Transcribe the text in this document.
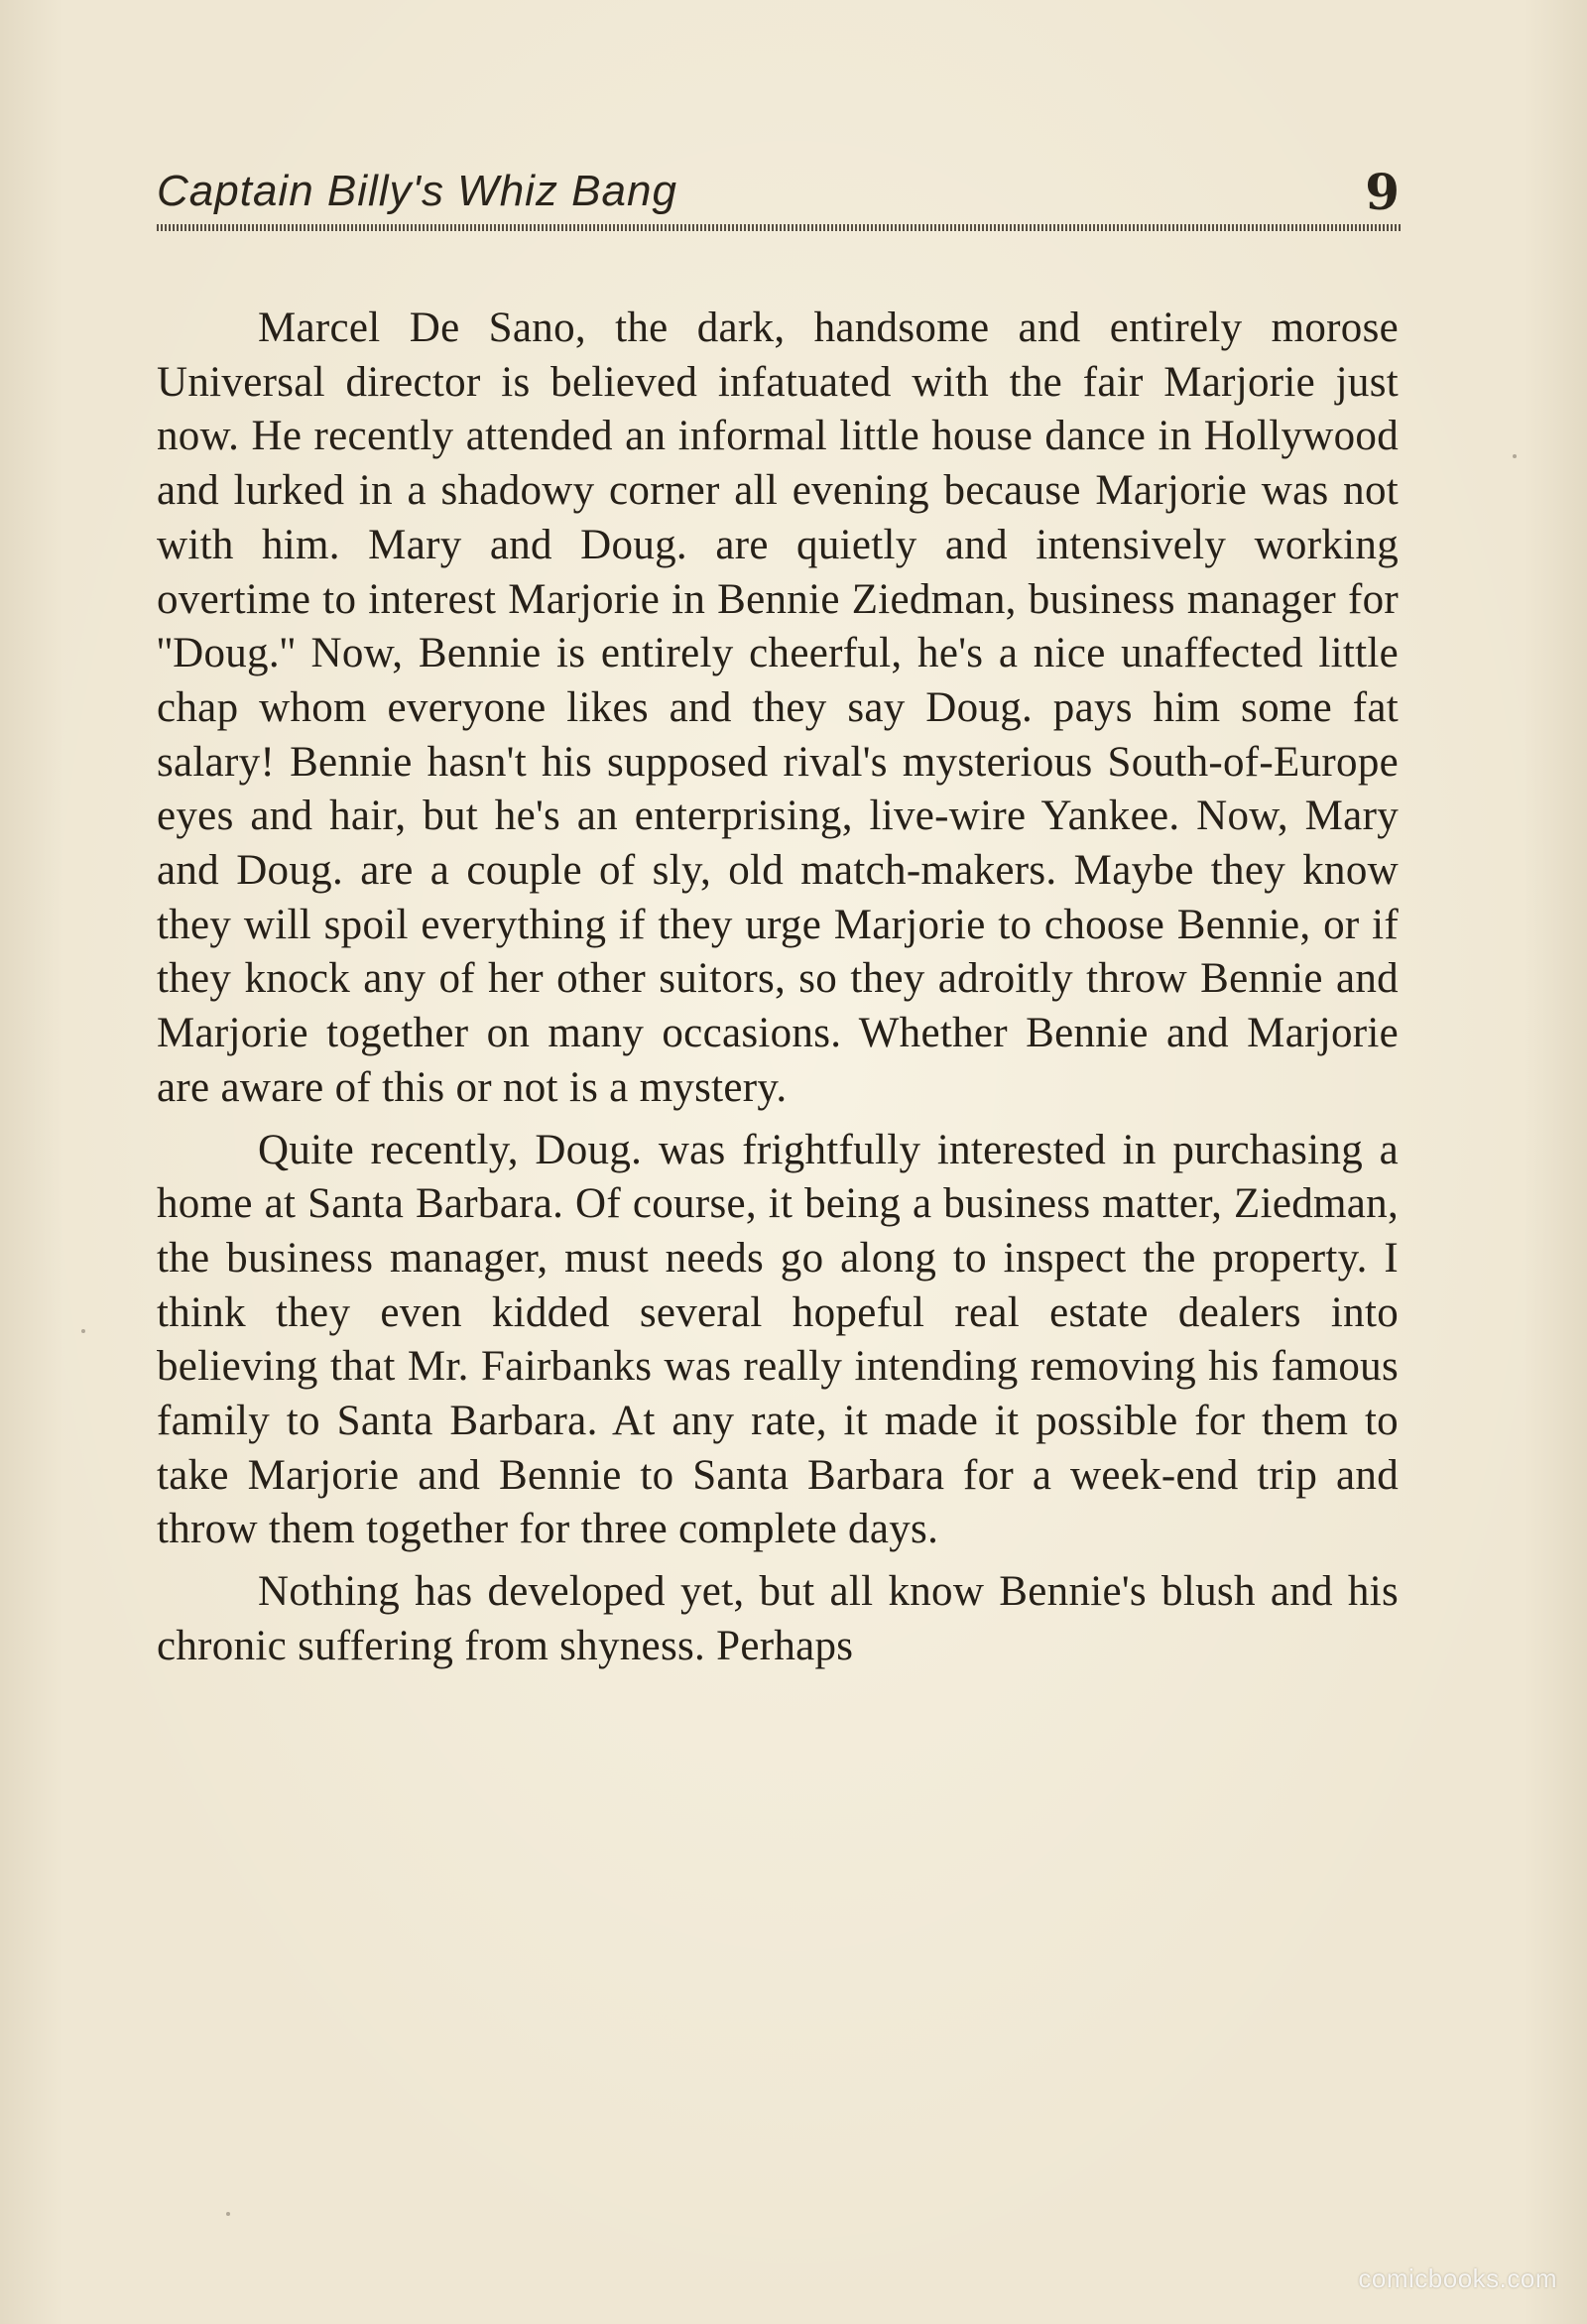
Captain Billy's Whiz Bang	9

Marcel De Sano, the dark, handsome and entirely morose Universal director is believed infatuated with the fair Marjorie just now. He recently attended an informal little house dance in Hollywood and lurked in a shadowy corner all evening because Marjorie was not with him. Mary and Doug. are quietly and intensively working overtime to interest Marjorie in Bennie Ziedman, business manager for ''Doug.'' Now, Bennie is entirely cheerful, he's a nice unaffected little chap whom everyone likes and they say Doug. pays him some fat salary! Bennie hasn't his supposed rival's mysterious South-of-Europe eyes and hair, but he's an enterprising, live-wire Yankee. Now, Mary and Doug. are a couple of sly, old match-makers. Maybe they know they will spoil everything if they urge Marjorie to choose Bennie, or if they knock any of her other suitors, so they adroitly throw Bennie and Marjorie together on many occasions. Whether Bennie and Marjorie are aware of this or not is a mystery.

Quite recently, Doug. was frightfully interested in purchasing a home at Santa Barbara. Of course, it being a business matter, Ziedman, the business manager, must needs go along to inspect the property. I think they even kidded several hopeful real estate dealers into believing that Mr. Fairbanks was really intending removing his famous family to Santa Barbara. At any rate, it made it possible for them to take Marjorie and Bennie to Santa Barbara for a week-end trip and throw them together for three complete days.

Nothing has developed yet, but all know Bennie's blush and his chronic suffering from shyness. Perhaps

comicbooks.com
